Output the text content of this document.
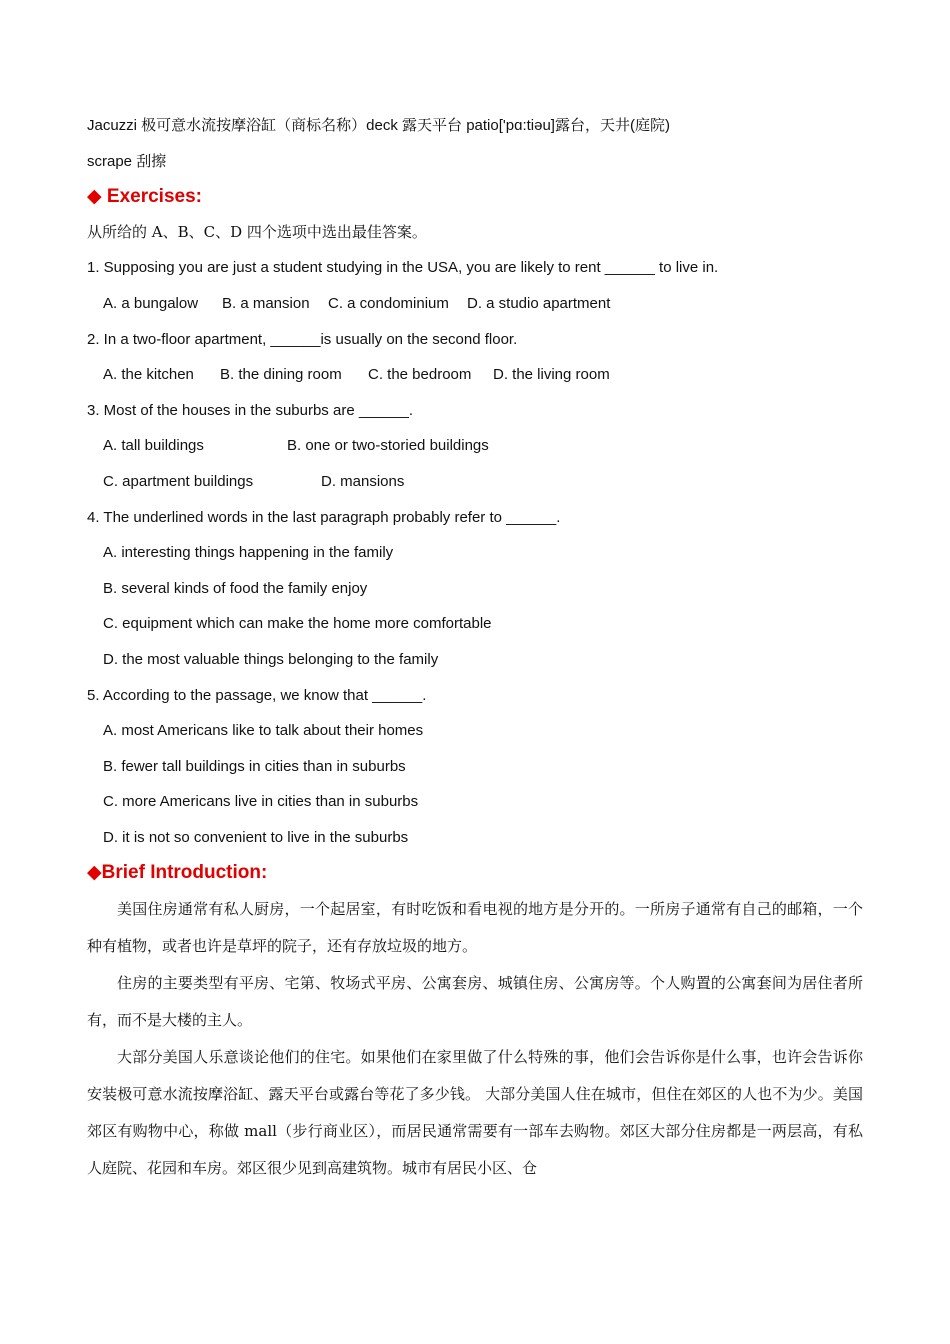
Jacuzzi 极可意水流按摩浴缸（商标名称）deck 露天平台 patio['pɑ:tiəu]露台，天井(庭院)
scrape 刮擦
◆ Exercises:
从所给的 A、B、C、D 四个选项中选出最佳答案。
1. Supposing you are just a student studying in the USA, you are likely to rent ______ to live in.
A. a bungalow B. a mansion C. a condominium D. a studio apartment
2. In a two-floor apartment, ______is usually on the second floor.
A. the kitchen B. the dining room C. the bedroom D. the living room
3. Most of the houses in the suburbs are ______.
A. tall buildings	B. one or two-storied buildings
C. apartment buildings	D. mansions
4. The underlined words in the last paragraph probably refer to ______.
A. interesting things happening in the family
B. several kinds of food the family enjoy
C. equipment which can make the home more comfortable
D. the most valuable things belonging to the family
5. According to the passage, we know that ______.
A. most Americans like to talk about their homes
B. fewer tall buildings in cities than in suburbs
C. more Americans live in cities than in suburbs
D. it is not so convenient to live in the suburbs
◆Brief Introduction:

美国住房通常有私人厨房，一个起居室，有时吃饭和看电视的地方是分开的。一所房子通常有自己的邮箱，一个种有植物，或者也许是草坪的院子，还有存放垃圾的地方。

住房的主要类型有平房、宅第、牧场式平房、公寓套房、城镇住房、公寓房等。个人购置的公寓套间为居住者所有，而不是大楼的主人。

大部分美国人乐意谈论他们的住宅。如果他们在家里做了什么特殊的事，他们会告诉你是什么事，也许会告诉你安装极可意水流按摩浴缸、露天平台或露台等花了多少钱。 大部分美国人住在城市，但住在郊区的人也不为少。美国郊区有购物中心，称做 mall（步行商业区），而居民通常需要有一部车去购物。郊区大部分住房都是一两层高，有私人庭院、花园和车房。郊区很少见到高建筑物。城市有居民小区、仓
